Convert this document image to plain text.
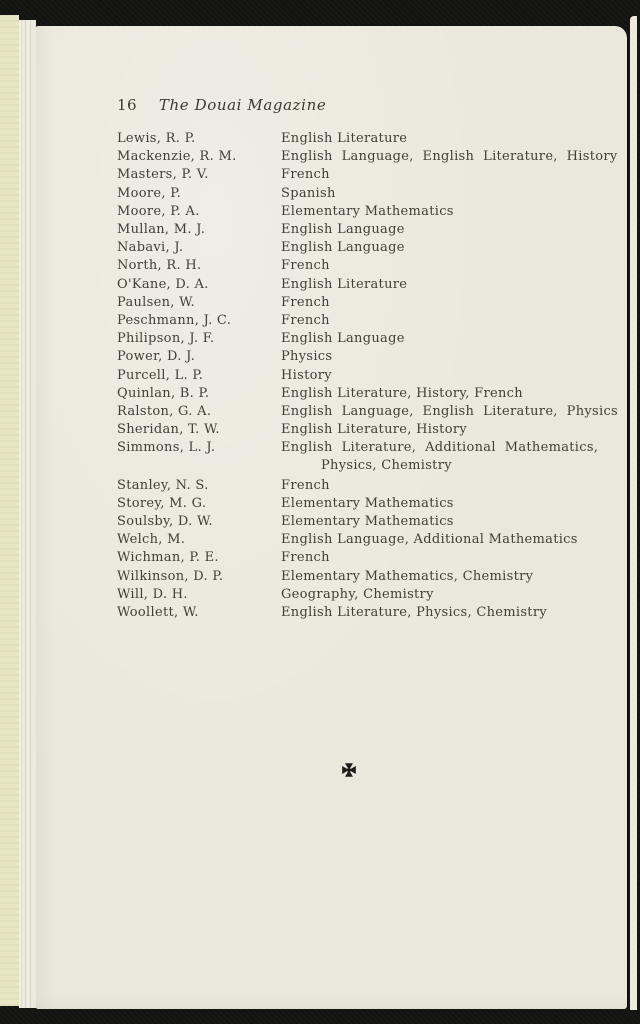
16 The Douai Magazine
Lewis, R. P.	English Literature
Mackenzie, R. M.	English Language, English Literature, History
Masters, P. V.	French
Moore, P.	Spanish
Moore, P. A.	Elementary Mathematics
Mullan, M. J.	English Language
Nabavi, J.	English Language
North, R. H.	French
O'Kane, D. A.	English Literature
Paulsen, W.	French
Peschmann, J. C.	French
Philipson, J. F.	English Language
Power, D. J.	Physics
Purcell, L. P.	History
Quinlan, B. P.	English Literature, History, French
Ralston, G. A.	English Language, English Literature, Physics
Sheridan, T. W.	English Literature, History
Simmons, L. J.	English Literature, Additional Mathematics,
Physics, Chemistry
Stanley, N. S.	French
Storey, M. G.	Elementary Mathematics
Soulsby, D. W.	Elementary Mathematics
Welch, M.	English Language, Additional Mathematics
Wichman, P. E.	French
Wilkinson, D. P.	Elementary Mathematics, Chemistry
Will, D. H.	Geography, Chemistry
Woollett, W.	English Literature, Physics, Chemistry
